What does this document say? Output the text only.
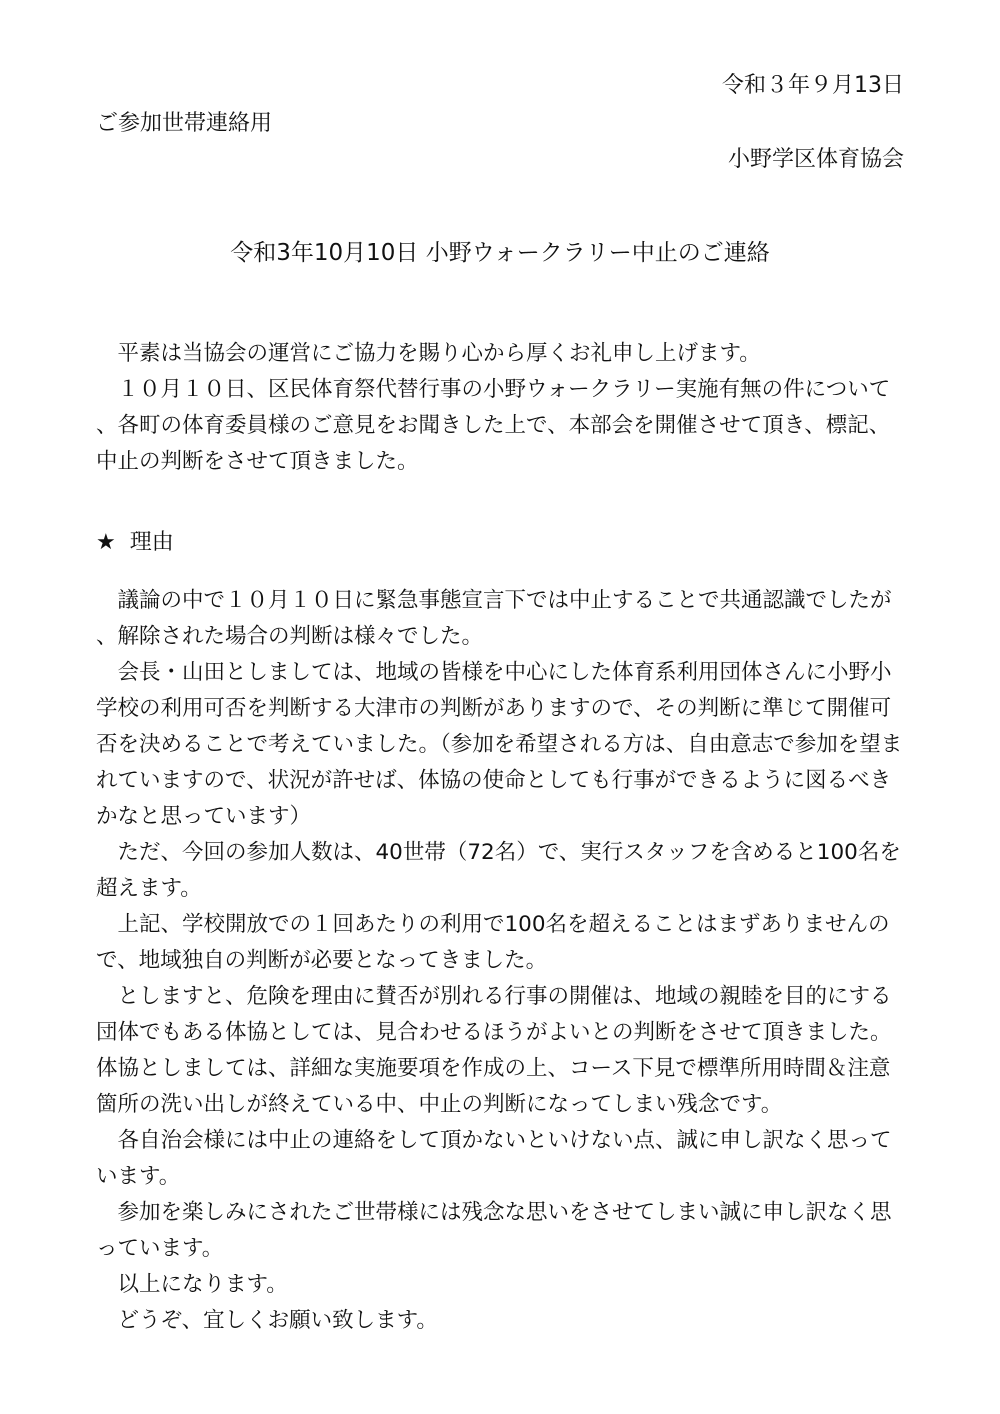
令和３年９月13日
ご参加世帯連絡用
小野学区体育協会
令和3年10月10日 小野ウォークラリー中止のご連絡

平素は当協会の運営にご協力を賜り心から厚くお礼申し上げます。

１０月１０日、区民体育祭代替行事の小野ウォークラリー実施有無の件について、各町の体育委員様のご意見をお聞きした上で、本部会を開催させて頂き、標記、中止の判断をさせて頂きました。

★ 理由

議論の中で１０月１０日に緊急事態宣言下では中止することで共通認識でしたが、解除された場合の判断は様々でした。

会長・山田としましては、地域の皆様を中心にした体育系利用団体さんに小野小学校の利用可否を判断する大津市の判断がありますので、その判断に準じて開催可否を決めることで考えていました。（参加を希望される方は、自由意志で参加を望まれていますので、状況が許せば、体協の使命としても行事ができるように図るべきかなと思っています）

ただ、今回の参加人数は、40世帯（72名）で、実行スタッフを含めると100名を超えます。

上記、学校開放での１回あたりの利用で100名を超えることはまずありませんので、地域独自の判断が必要となってきました。

としますと、危険を理由に賛否が別れる行事の開催は、地域の親睦を目的にする団体でもある体協としては、見合わせるほうがよいとの判断をさせて頂きました。体協としましては、詳細な実施要項を作成の上、コース下見で標準所用時間＆注意箇所の洗い出しが終えている中、中止の判断になってしまい残念です。

各自治会様には中止の連絡をして頂かないといけない点、誠に申し訳なく思っています。

参加を楽しみにされたご世帯様には残念な思いをさせてしまい誠に申し訳なく思っています。

以上になります。

どうぞ、宜しくお願い致します。
